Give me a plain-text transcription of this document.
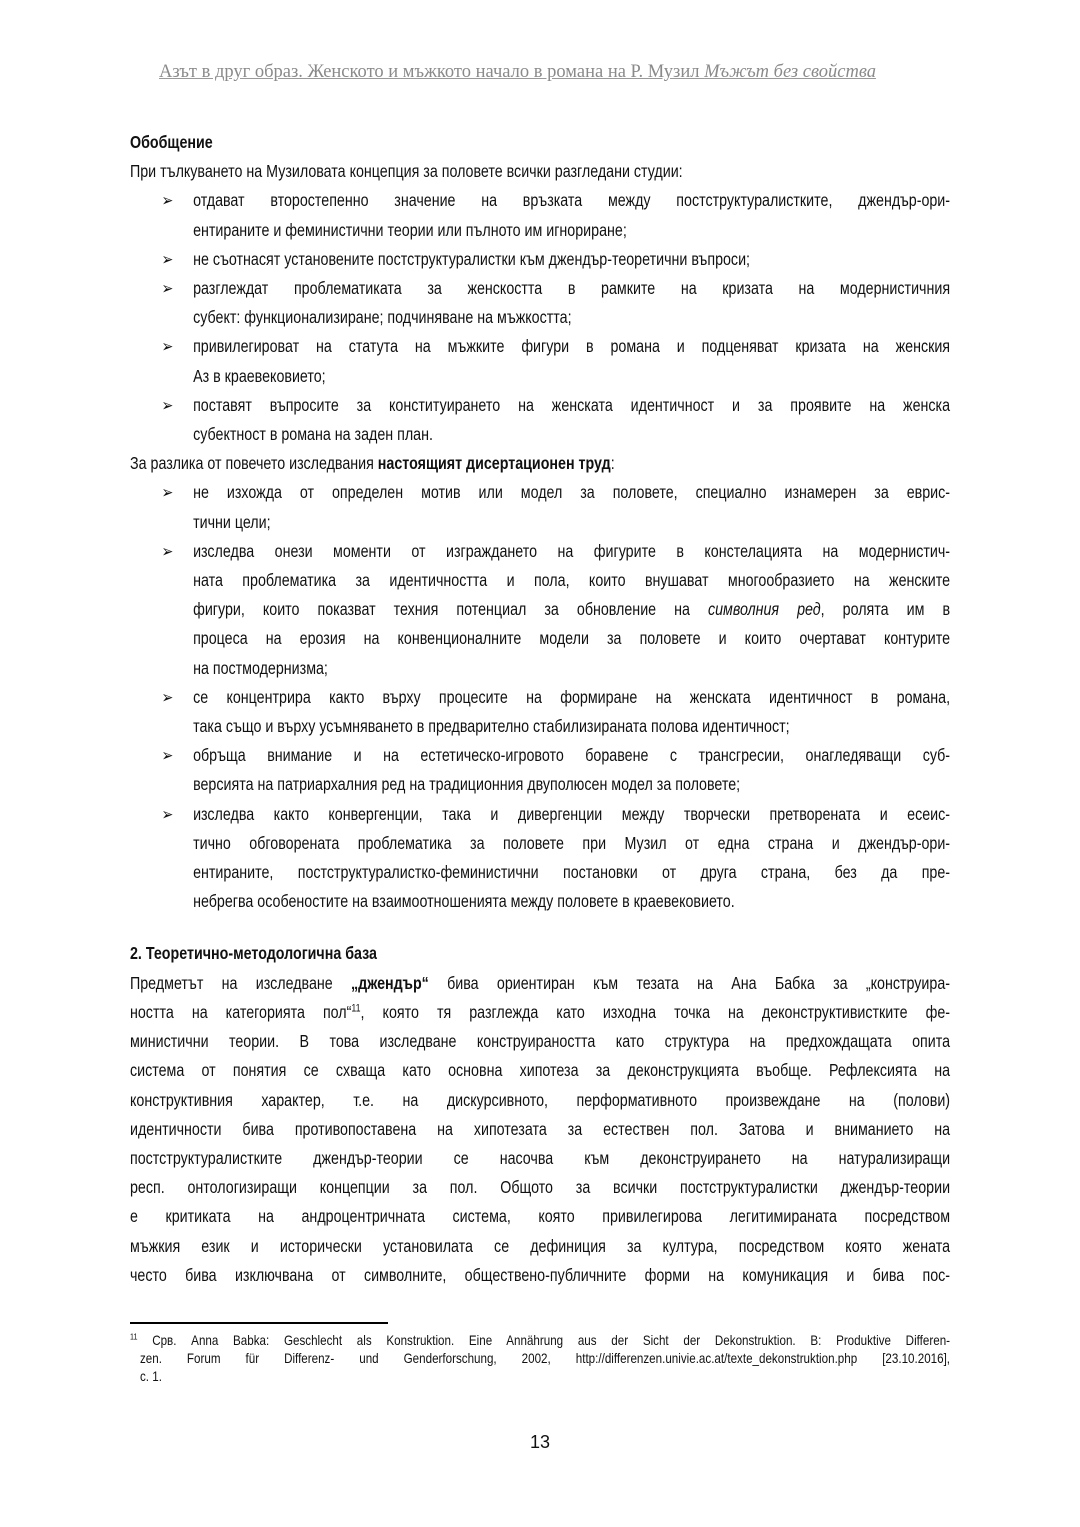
Азът в друг образ. Женското и мъжкото начало в романа на Р. Музил Мъжът без свойства
Обобщение
При тълкуването на Музиловата концепция за половете всички разгледани студии:
➢ отдават второстепенно значение на връзката между постструктуралистките, джендър-ори-
ентираните и феминистични теории или пълното им игнориране;
➢ не съотнасят установените постструктуралистки към джендър-теоретични въпроси;
➢ разглеждат проблематиката за женскостта в рамките на кризата на модернистичния
субект: функционализиране; подчиняване на мъжкостта;
➢ привилегироват на статута на мъжките фигури в романа и подценяват кризата на женския
Аз в краевековието;
➢ поставят въпросите за конституирането на женската идентичност и за проявите на женска
субектност в романа на заден план.
За разлика от повечето изследвания настоящият дисертационен труд:
➢ не изхожда от определен мотив или модел за половете, специално изнамерен за еврис-
тични цели;
➢ изследва онези моменти от изграждането на фигурите в констелацията на модернистич-
ната проблематика за идентичността и пола, които внушават многообразието на женските
фигури, които показват техния потенциал за обновление на символния ред, ролята им в
процеса на ерозия на конвенционалните модели за половете и които очертават контурите
на постмодернизма;
➢ се концентрира както върху процесите на формиране на женската идентичност в романа,
така също и върху усъмняването в предварително стабилизираната полова идентичност;
➢ обръща внимание и на естетическо-игровото боравене с трансгресии, онагледяващи суб-
версията на патриархалния ред на традиционния двуполюсен модел за половете;
➢ изследва както конвергенции, така и дивергенции между творчески претворената и есеис-
тично обговорената проблематика за половете при Музил от една страна и джендър-ори-
ентираните, постструктуралистко-феминистични постановки от друга страна, без да пре-
небрегва особеностите на взаимоотношенията между половете в краевековието.
2. Теоретично-методологична база
Предметът на изследване „джендър“ бива ориентиран към тезата на Ана Бабка за „конструира-
ността на категорията пол“$^{11}$, която тя разглежда като изходна точка на деконструктивистките фе-
министични теории. В това изследване конструираността като структура на предхождащата опита
система от понятия се схваща като основна хипотеза за деконструкцията въобще. Рефлексията на
конструктивния характер, т.е. на дискурсивното, перформативното произвеждане на (полови)
идентичности бива противопоставена на хипотезата за естествен пол. Затова и вниманието на
постструктуралистките джендър-теории се насочва към деконструирането на натурализиращи
респ. онтологизиращи концепции за пол. Общото за всички постструктуралистки джендър-теории
е критиката на андроцентричната система, която привилегирова легитимираната посредством
мъжкия език и исторически установилата се дефиниция за култура, посредством която жената
често бива изключвана от символните, обществено-публичните форми на комуникация и бива пос-
$^{11}$ Срв. Anna Babka: Geschlecht als Konstruktion. Eine Annährung aus der Sicht der Dekonstruktion. В: Produktive Differen-
zen. Forum für Differenz- und Genderforschung, 2002, http://differenzen.univie.ac.at/texte_dekonstruktion.php [23.10.2016],
с. 1.
13
